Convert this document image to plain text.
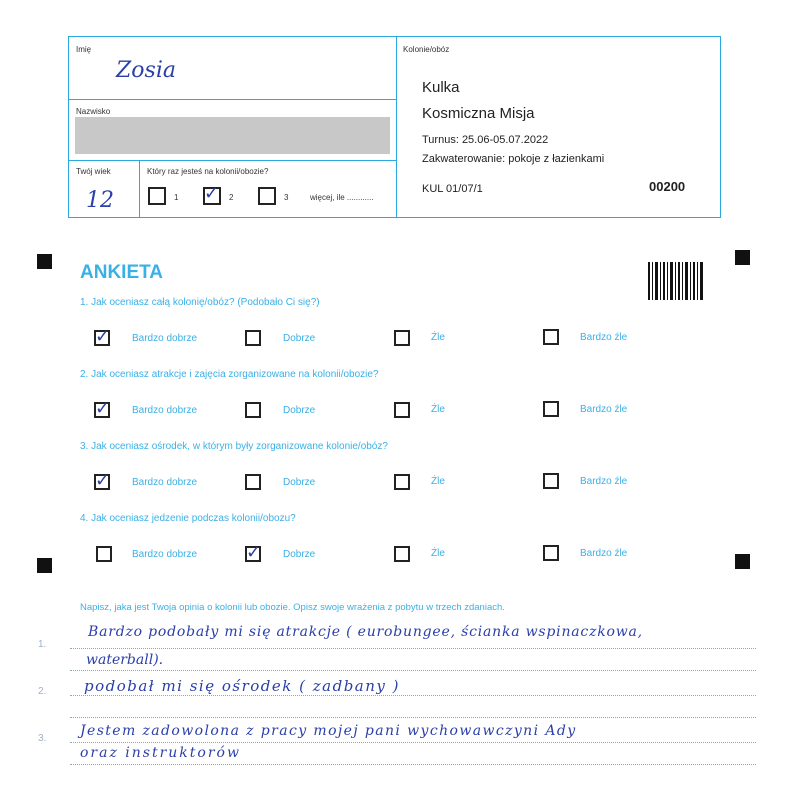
Imię
Zosia
Nazwisko
Twój wiek
12
Który raz jesteś na kolonii/obozie?
1 ✓ 2	3	więcej, ile ............
Kolonie/obóz
Kulka
Kosmiczna Misja
Turnus: 25.06-05.07.2022
Zakwaterowanie: pokoje z łazienkami
KUL 01/07/1	00200
ANKIETA
1. Jak oceniasz całą kolonię/obóz? (Podobało Ci się?)
✓ Bardzo dobrze	Dobrze	Źle	Bardzo źle
2. Jak oceniasz atrakcje i zajęcia zorganizowane na kolonii/obozie?
✓ Bardzo dobrze	Dobrze	Źle	Bardzo źle
3. Jak oceniasz ośrodek, w którym były zorganizowane kolonie/obóz?
✓ Bardzo dobrze	Dobrze	Źle	Bardzo źle
4. Jak oceniasz jedzenie podczas kolonii/obozu?
Bardzo dobrze	✓ Dobrze	Źle	Bardzo źle
Napisz, jaka jest Twoja opinia o kolonii lub obozie. Opisz swoje wrażenia z pobytu w trzech zdaniach.
1.
2.
3.
Bardzo podobały mi się atrakcje ( eurobungee, ścianka wspinaczkowa,
waterball).
podobał mi się ośrodek ( zadbany )
Jestem zadowolona z pracy mojej pani wychowawczyni Ady
oraz instruktorów
